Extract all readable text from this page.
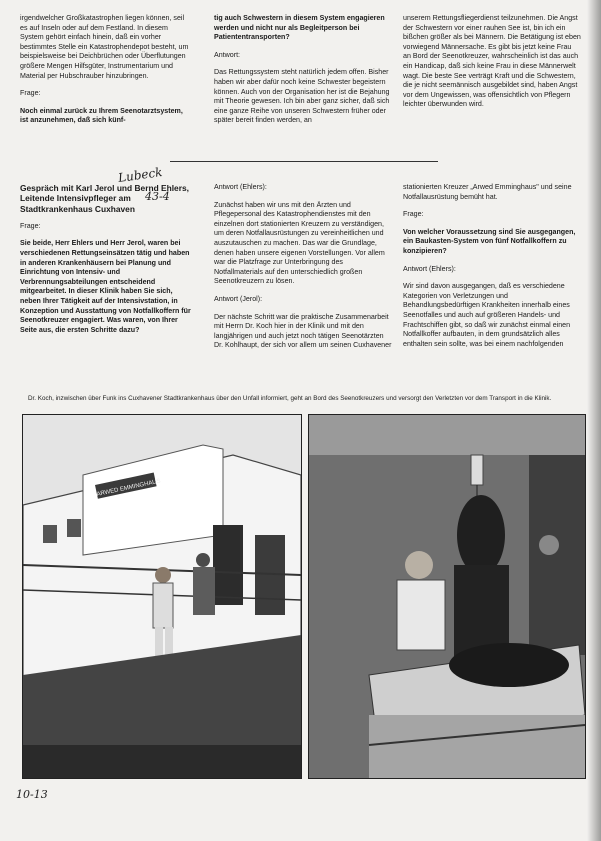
irgendwelcher Großkatastrophen liegen können, seil es auf Inseln oder auf dem Festland. In diesem System gehört einfach hinein, daß ein vorher bestimmtes Stelle ein Katastrophendepot besteht, um beispielsweise bei Deichbrüchen oder Überflutungen größere Mengen Hilfsgüter, Instrumentarium und Material per Hubschrauber hinzubringen.

Frage:

Noch einmal zurück zu Ihrem Seenotarztsystem, ist anzunehmen, daß sich künf-

tig auch Schwestern in diesem System engagieren werden und nicht nur als Begleitperson bei Patiententransporten?

Antwort:

Das Rettungssystem steht natürlich jedem offen. Bisher haben wir aber dafür noch keine Schwester begeistern können. Auch von der Organisation her ist die Bejahung mit Theorie gewesen. Ich bin aber ganz sicher, daß sich eine ganze Reihe von unseren Schwestern früher oder später bereit finden werden, an

unserem Rettungsfliegerdienst teilzunehmen. Die Angst der Schwestern vor einer rauhen See ist, bin ich ein bißchen größer als bei Männern. Die Betätigung ist eben vorwiegend Männersache. Es gibt bis jetzt keine Frau an Bord der Seenotkreuzer, wahrscheinlich ist das auch ein Handicap, daß sich keine Frau in diese Männerwelt wagt. Die beste See verträgt Kraft und die Schwestern, die je nicht seemännisch ausgebildet sind, haben Angst vor dem Ungewissen, was offensichtlich von Pflegern leichter überwunden wird.

Lubeck
43-4

Gespräch mit Karl Jerol und Bernd Ehlers, Leitende Intensivpfleger am Stadtkrankenhaus Cuxhaven

Frage:

Sie beide, Herr Ehlers und Herr Jerol, waren bei verschiedenen Rettungseinsätzen tätig und haben in anderen Krankenhäusern bei Planung und Einrichtung von Intensiv- und Verbrennungsabteilungen entscheidend mitgearbeitet. In dieser Klinik haben Sie sich, neben Ihrer Tätigkeit auf der Intensivstation, in Konzeption und Ausstattung von Notfallkoffern für Seenotkreuzer engagiert. Was waren, von Ihrer Seite aus, die ersten Schritte dazu?

Antwort (Ehlers):

Zunächst haben wir uns mit den Ärzten und Pflegepersonal des Katastrophendienstes mit den einzelnen dort stationierten Kreuzern zu verständigen, um deren Notfallausrüstungen zu vereinheitlichen und auszutauschen zu machen. Das war die Grundlage, denen haben unsere eigenen Vorstellungen. Vor allem war die Platzfrage zur Unterbringung des Notfallmaterials auf den unterschiedlich großen Seenotkreuzern zu lösen.

Antwort (Jerol):

Der nächste Schritt war die praktische Zusammenarbeit mit Herrn Dr. Koch hier in der Klinik und mit den langjährigen und auch jetzt noch tätigen Seenotärzten Dr. Kohlhaupt, der sich vor allem um seinen Cuxhavener

stationierten Kreuzer „Arwed Emminghaus" und seine Notfallausrüstung bemüht hat.

Frage:

Von welcher Voraussetzung sind Sie ausgegangen, ein Baukasten-System von fünf Notfallkoffern zu konzipieren?

Antwort (Ehlers):

Wir sind davon ausgegangen, daß es verschiedene Kategorien von Verletzungen und Behandlungsbedürftigen Krankheiten innerhalb eines Seenotfalles und auch auf größeren Handels- und Frachtschiffen gibt, so daß wir zunächst einmal einen Notfallkoffer aufbauten, in dem grundsätzlich alles enthalten sein sollte, was bei einem nachfolgenden

Dr. Koch, inzwischen über Funk ins Cuxhavener Stadtkrankenhaus über den Unfall informiert, geht an Bord des Seenotkreuzers und versorgt den Verletzten vor dem Transport in die Klinik.
ARWED EMMINGHAUS
10-13
